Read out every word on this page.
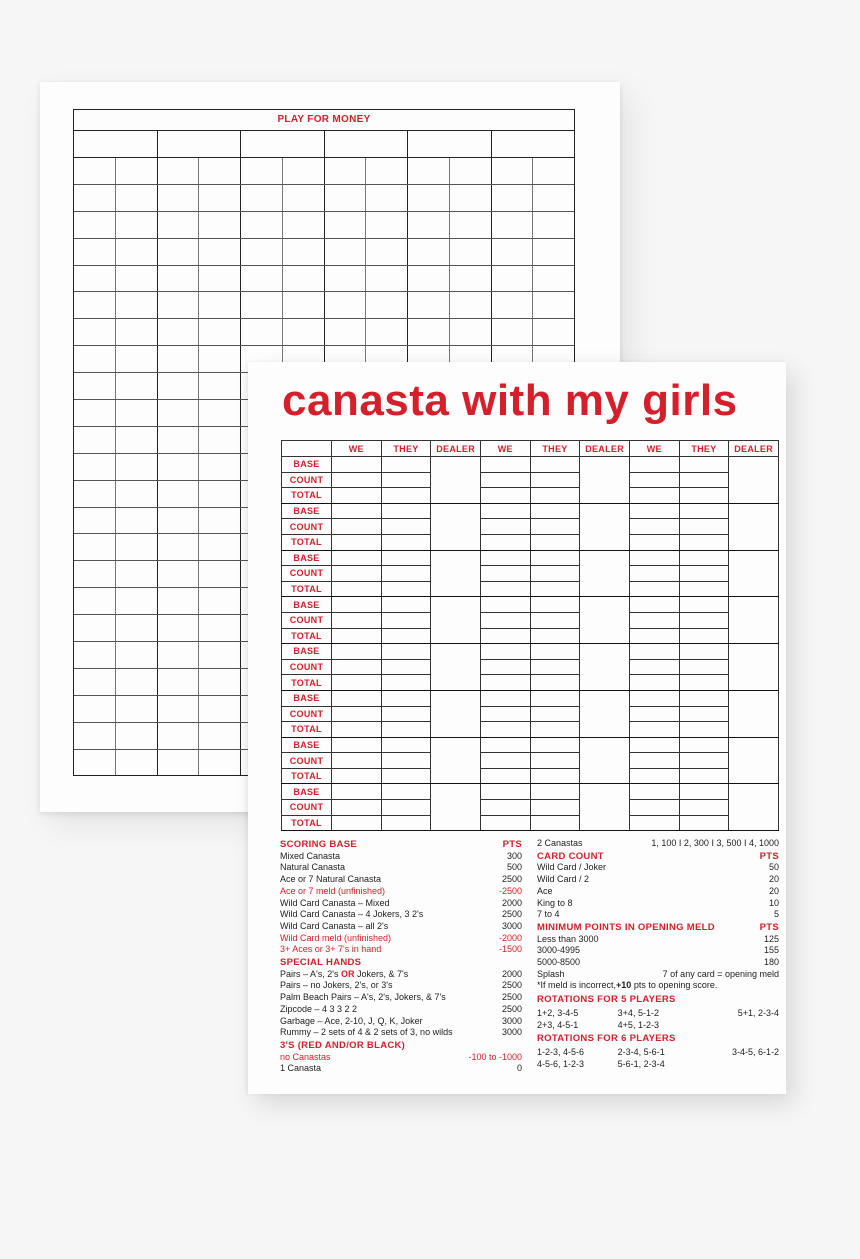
PLAY FOR MONEY
canasta with my girls
	WE	THEY	DEALER	WE	THEY	DEALER	WE	THEY	DEALER
BASE									
COUNT									
TOTAL									
BASE									
COUNT									
TOTAL									
BASE									
COUNT									
TOTAL									
BASE									
COUNT									
TOTAL									
BASE									
COUNT									
TOTAL									
BASE									
COUNT									
TOTAL									
BASE									
COUNT									
TOTAL									
BASE									
COUNT									
TOTAL									
SCORING BASE	PTS
Mixed Canasta	300
Natural Canasta	500
Ace or 7 Natural Canasta	2500
Ace or 7 meld (unfinished)	-2500
Wild Card Canasta – Mixed	2000
Wild Card Canasta – 4 Jokers, 3 2's	2500
Wild Card Canasta – all 2's	3000
Wild Card meld (unfinished)	-2000
3+ Aces or 3+ 7's in hand	-1500
SPECIAL HANDS
Pairs – A's, 2's OR Jokers, & 7's	2000
Pairs – no Jokers, 2's, or 3's	2500
Palm Beach Pairs – A's, 2's, Jokers, & 7's	2500
Zipcode – 4 3 3 2 2	2500
Garbage – Ace, 2-10, J, Q, K, Joker	3000
Rummy – 2 sets of 4 & 2 sets of 3, no wilds	3000
3'S (RED AND/OR BLACK)
no Canastas	-100 to -1000
1 Canasta	0
2 Canastas	1, 100 I 2, 300 I 3, 500 I 4, 1000
CARD COUNT	PTS
Wild Card / Joker	50
Wild Card / 2	20
Ace	20
King to 8	10
7 to 4	5
MINIMUM POINTS IN OPENING MELD	PTS
Less than 3000	125
3000-4995	155
5000-8500	180
Splash	7 of any card = opening meld
*If meld is incorrect, +10 pts to opening score.
ROTATIONS FOR 5 PLAYERS
1+2, 3-4-5	3+4, 5-1-2	5+1, 2-3-4
2+3, 4-5-1	4+5, 1-2-3
ROTATIONS FOR 6 PLAYERS
1-2-3, 4-5-6	2-3-4, 5-6-1	3-4-5, 6-1-2
4-5-6, 1-2-3	5-6-1, 2-3-4
